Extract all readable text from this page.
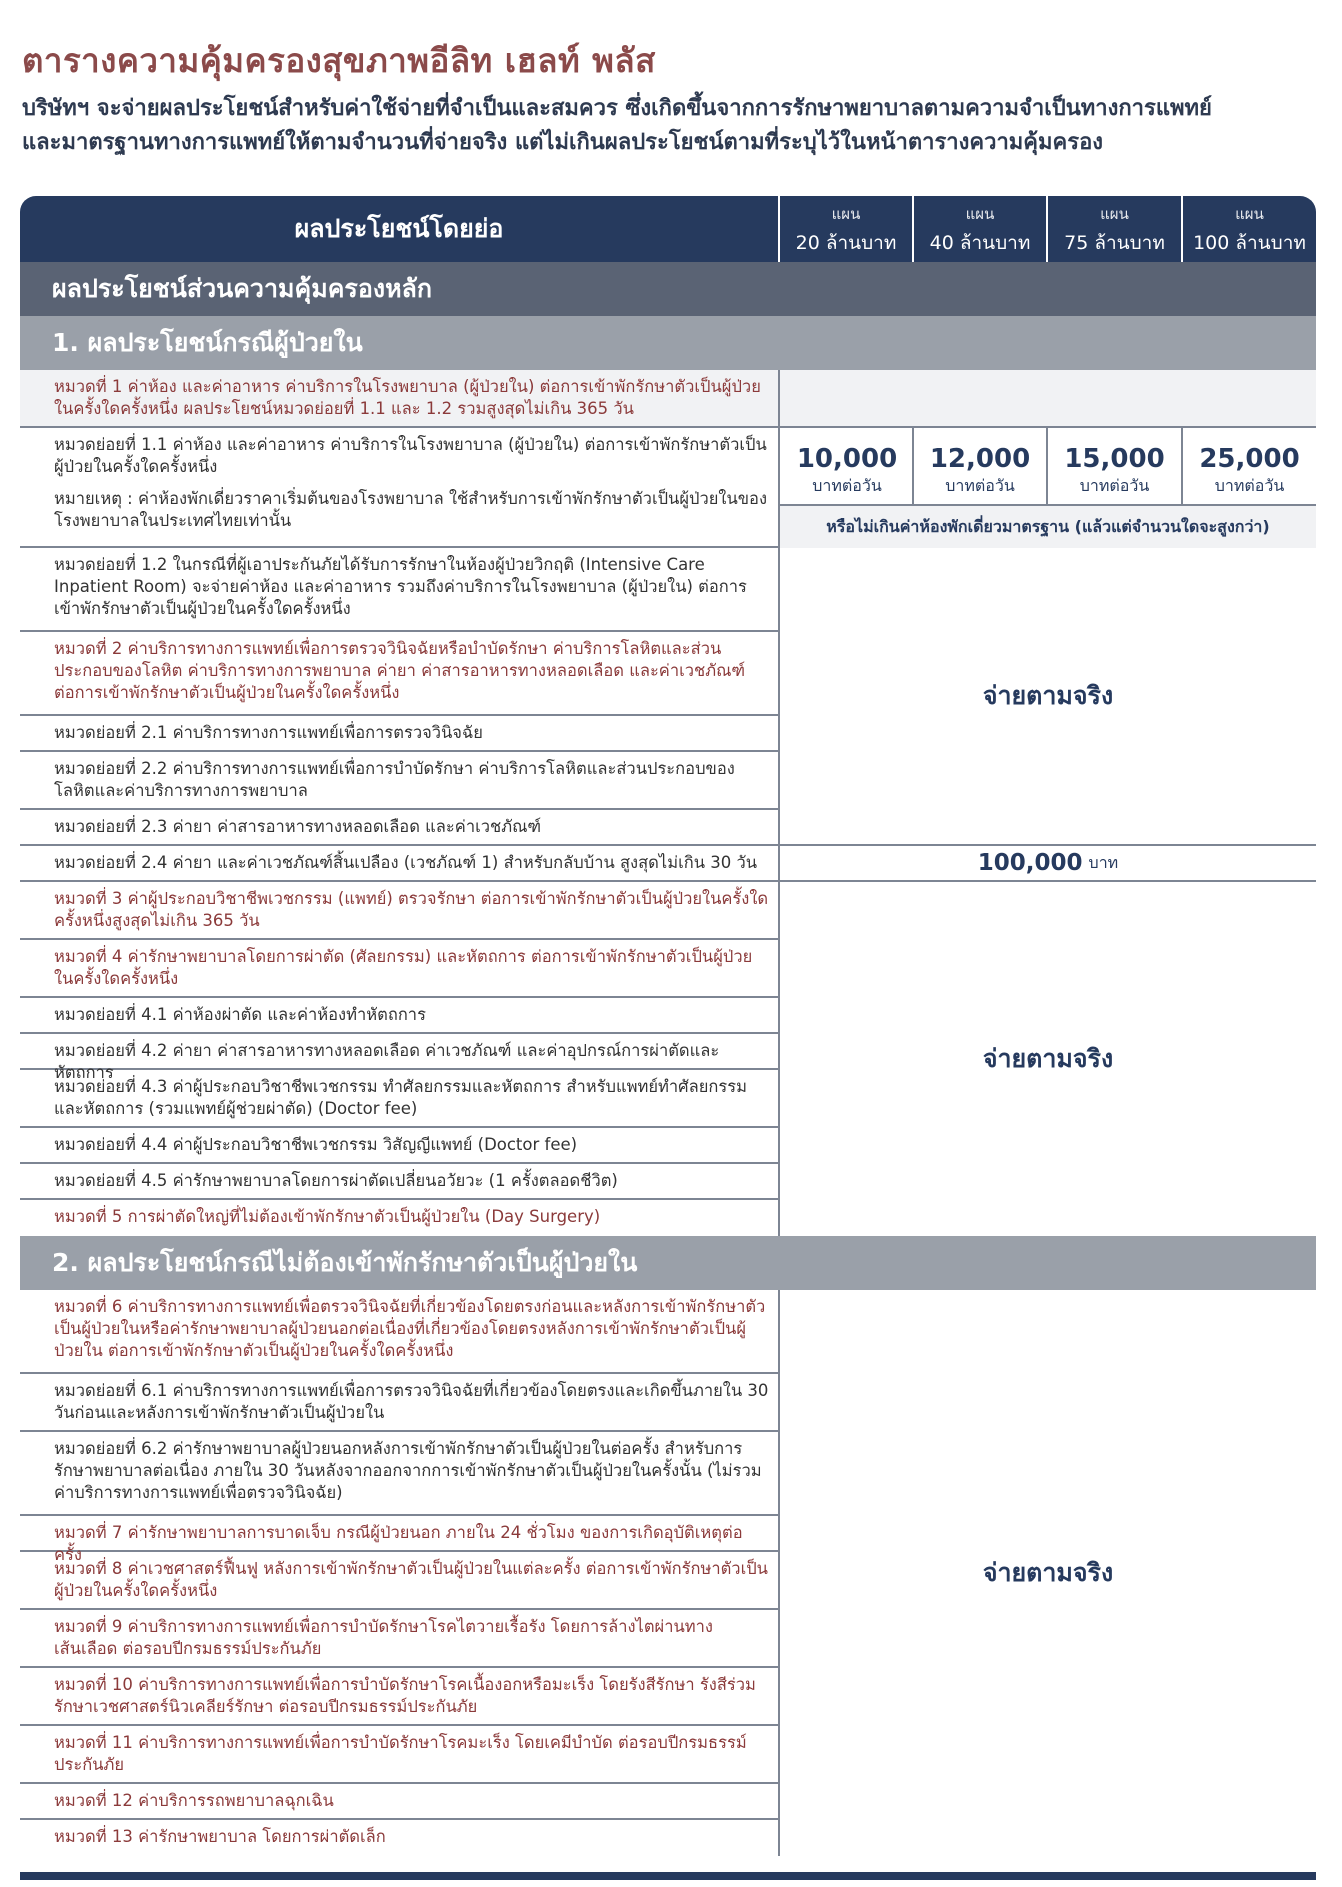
ตารางความคุ้มครองสุขภาพอีลิท เฮลท์ พลัส
บริษัทฯ จะจ่ายผลประโยชน์สำหรับค่าใช้จ่ายที่จำเป็นและสมควร ซึ่งเกิดขึ้นจากการรักษาพยาบาลตามความจำเป็นทางการแพทย์
และมาตรฐานทางการแพทย์ให้ตามจำนวนที่จ่ายจริง แต่ไม่เกินผลประโยชน์ตามที่ระบุไว้ในหน้าตารางความคุ้มครอง
ผลประโยชน์โดยย่อ	แผน
20 ล้านบาท
แผน
40 ล้านบาท
แผน
75 ล้านบาท
แผน
100 ล้านบาท
ผลประโยชน์ส่วนความคุ้มครองหลัก
1. ผลประโยชน์กรณีผู้ป่วยใน
หมวดที่ 1 ค่าห้อง และค่าอาหาร ค่าบริการในโรงพยาบาล (ผู้ป่วยใน) ต่อการเข้าพักรักษาตัวเป็นผู้ป่วยในครั้งใดครั้งหนึ่ง ผลประโยชน์หมวดย่อยที่ 1.1 และ 1.2 รวมสูงสุดไม่เกิน 365 วัน
หมวดย่อยที่ 1.1 ค่าห้อง และค่าอาหาร ค่าบริการในโรงพยาบาล (ผู้ป่วยใน) ต่อการเข้าพักรักษาตัวเป็นผู้ป่วยในครั้งใดครั้งหนึ่ง
หมายเหตุ : ค่าห้องพักเดี่ยวราคาเริ่มต้นของโรงพยาบาล ใช้สำหรับการเข้าพักรักษาตัวเป็นผู้ป่วยในของโรงพยาบาลในประเทศไทยเท่านั้น
10,000
บาทต่อวัน
12,000
บาทต่อวัน
15,000
บาทต่อวัน
25,000
บาทต่อวัน
หรือไม่เกินค่าห้องพักเดี่ยวมาตรฐาน (แล้วแต่จำนวนใดจะสูงกว่า)
หมวดย่อยที่ 1.2 ในกรณีที่ผู้เอาประกันภัยได้รับการรักษาในห้องผู้ป่วยวิกฤติ (Intensive Care Inpatient Room) จะจ่ายค่าห้อง และค่าอาหาร รวมถึงค่าบริการในโรงพยาบาล (ผู้ป่วยใน) ต่อการเข้าพักรักษาตัวเป็นผู้ป่วยในครั้งใดครั้งหนึ่ง
หมวดที่ 2 ค่าบริการทางการแพทย์เพื่อการตรวจวินิจฉัยหรือบำบัดรักษา ค่าบริการโลหิตและส่วนประกอบของโลหิต ค่าบริการทางการพยาบาล ค่ายา ค่าสารอาหารทางหลอดเลือด และค่าเวชภัณฑ์ ต่อการเข้าพักรักษาตัวเป็นผู้ป่วยในครั้งใดครั้งหนึ่ง
หมวดย่อยที่ 2.1 ค่าบริการทางการแพทย์เพื่อการตรวจวินิจฉัย
หมวดย่อยที่ 2.2 ค่าบริการทางการแพทย์เพื่อการบำบัดรักษา ค่าบริการโลหิตและส่วนประกอบของโลหิตและค่าบริการทางการพยาบาล
หมวดย่อยที่ 2.3 ค่ายา ค่าสารอาหารทางหลอดเลือด และค่าเวชภัณฑ์
จ่ายตามจริง
หมวดย่อยที่ 2.4 ค่ายา และค่าเวชภัณฑ์สิ้นเปลือง (เวชภัณฑ์ 1) สำหรับกลับบ้าน สูงสุดไม่เกิน 30 วัน	100,000 บาท
หมวดที่ 3 ค่าผู้ประกอบวิชาชีพเวชกรรม (แพทย์) ตรวจรักษา ต่อการเข้าพักรักษาตัวเป็นผู้ป่วยในครั้งใดครั้งหนึ่งสูงสุดไม่เกิน 365 วัน
หมวดที่ 4 ค่ารักษาพยาบาลโดยการผ่าตัด (ศัลยกรรม) และหัตถการ ต่อการเข้าพักรักษาตัวเป็นผู้ป่วยในครั้งใดครั้งหนึ่ง
หมวดย่อยที่ 4.1 ค่าห้องผ่าตัด และค่าห้องทำหัตถการ
หมวดย่อยที่ 4.2 ค่ายา ค่าสารอาหารทางหลอดเลือด ค่าเวชภัณฑ์ และค่าอุปกรณ์การผ่าตัดและหัตถการ
หมวดย่อยที่ 4.3 ค่าผู้ประกอบวิชาชีพเวชกรรม ทำศัลยกรรมและหัตถการ สำหรับแพทย์ทำศัลยกรรมและหัตถการ (รวมแพทย์ผู้ช่วยผ่าตัด) (Doctor fee)
หมวดย่อยที่ 4.4 ค่าผู้ประกอบวิชาชีพเวชกรรม วิสัญญีแพทย์ (Doctor fee)
หมวดย่อยที่ 4.5 ค่ารักษาพยาบาลโดยการผ่าตัดเปลี่ยนอวัยวะ (1 ครั้งตลอดชีวิต)
หมวดที่ 5 การผ่าตัดใหญ่ที่ไม่ต้องเข้าพักรักษาตัวเป็นผู้ป่วยใน (Day Surgery)
จ่ายตามจริง
2. ผลประโยชน์กรณีไม่ต้องเข้าพักรักษาตัวเป็นผู้ป่วยใน
หมวดที่ 6 ค่าบริการทางการแพทย์เพื่อตรวจวินิจฉัยที่เกี่ยวข้องโดยตรงก่อนและหลังการเข้าพักรักษาตัวเป็นผู้ป่วยในหรือค่ารักษาพยาบาลผู้ป่วยนอกต่อเนื่องที่เกี่ยวข้องโดยตรงหลังการเข้าพักรักษาตัวเป็นผู้ป่วยใน ต่อการเข้าพักรักษาตัวเป็นผู้ป่วยในครั้งใดครั้งหนึ่ง
หมวดย่อยที่ 6.1 ค่าบริการทางการแพทย์เพื่อการตรวจวินิจฉัยที่เกี่ยวข้องโดยตรงและเกิดขึ้นภายใน 30 วันก่อนและหลังการเข้าพักรักษาตัวเป็นผู้ป่วยใน
หมวดย่อยที่ 6.2 ค่ารักษาพยาบาลผู้ป่วยนอกหลังการเข้าพักรักษาตัวเป็นผู้ป่วยในต่อครั้ง สำหรับการรักษาพยาบาลต่อเนื่อง ภายใน 30 วันหลังจากออกจากการเข้าพักรักษาตัวเป็นผู้ป่วยในครั้งนั้น (ไม่รวมค่าบริการทางการแพทย์เพื่อตรวจวินิจฉัย)
หมวดที่ 7 ค่ารักษาพยาบาลการบาดเจ็บ กรณีผู้ป่วยนอก ภายใน 24 ชั่วโมง ของการเกิดอุบัติเหตุต่อครั้ง
หมวดที่ 8 ค่าเวชศาสตร์ฟื้นฟู หลังการเข้าพักรักษาตัวเป็นผู้ป่วยในแต่ละครั้ง ต่อการเข้าพักรักษาตัวเป็นผู้ป่วยในครั้งใดครั้งหนึ่ง
หมวดที่ 9 ค่าบริการทางการแพทย์เพื่อการบำบัดรักษาโรคไตวายเรื้อรัง โดยการล้างไตผ่านทางเส้นเลือด ต่อรอบปีกรมธรรม์ประกันภัย
หมวดที่ 10 ค่าบริการทางการแพทย์เพื่อการบำบัดรักษาโรคเนื้องอกหรือมะเร็ง โดยรังสีรักษา รังสีร่วมรักษาเวชศาสตร์นิวเคลียร์รักษา ต่อรอบปีกรมธรรม์ประกันภัย
หมวดที่ 11 ค่าบริการทางการแพทย์เพื่อการบำบัดรักษาโรคมะเร็ง โดยเคมีบำบัด ต่อรอบปีกรมธรรม์ประกันภัย
หมวดที่ 12 ค่าบริการรถพยาบาลฉุกเฉิน
หมวดที่ 13 ค่ารักษาพยาบาล โดยการผ่าตัดเล็ก
จ่ายตามจริง
